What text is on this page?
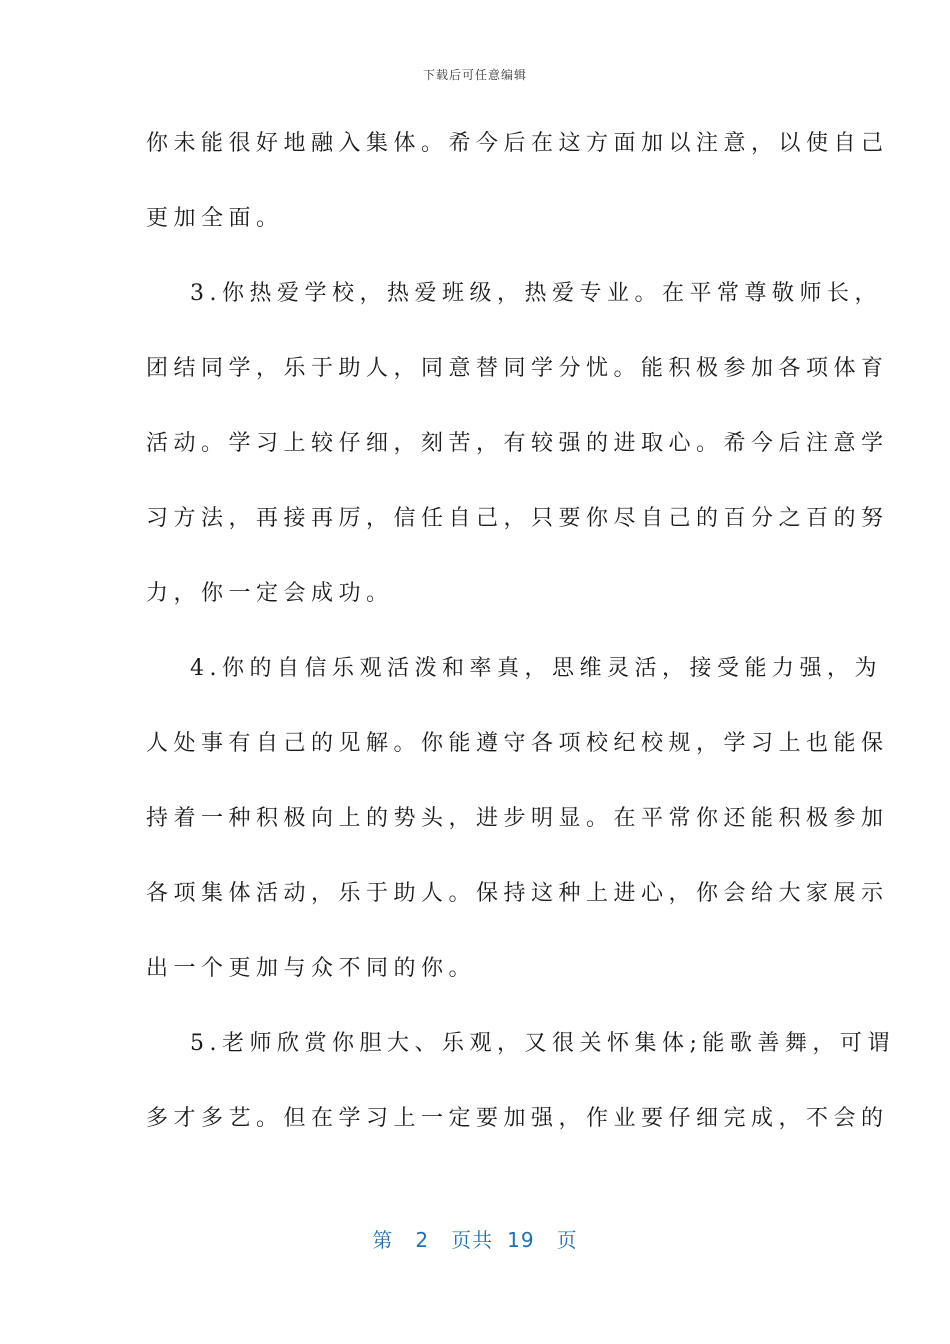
下载后可任意编辑
你未能很好地融入集体。希今后在这方面加以注意，以使自己
更加全面。
3.你热爱学校，热爱班级，热爱专业。在平常尊敬师长，
团结同学，乐于助人，同意替同学分忧。能积极参加各项体育
活动。学习上较仔细，刻苦，有较强的进取心。希今后注意学
习方法，再接再厉，信任自己，只要你尽自己的百分之百的努
力，你一定会成功。
4.你的自信乐观活泼和率真，思维灵活，接受能力强，为
人处事有自己的见解。你能遵守各项校纪校规，学习上也能保
持着一种积极向上的势头，进步明显。在平常你还能积极参加
各项集体活动，乐于助人。保持这种上进心，你会给大家展示
出一个更加与众不同的你。
5.老师欣赏你胆大、乐观，又很关怀集体;能歌善舞，可谓
多才多艺。但在学习上一定要加强，作业要仔细完成，不会的
第 2 页共 19 页
